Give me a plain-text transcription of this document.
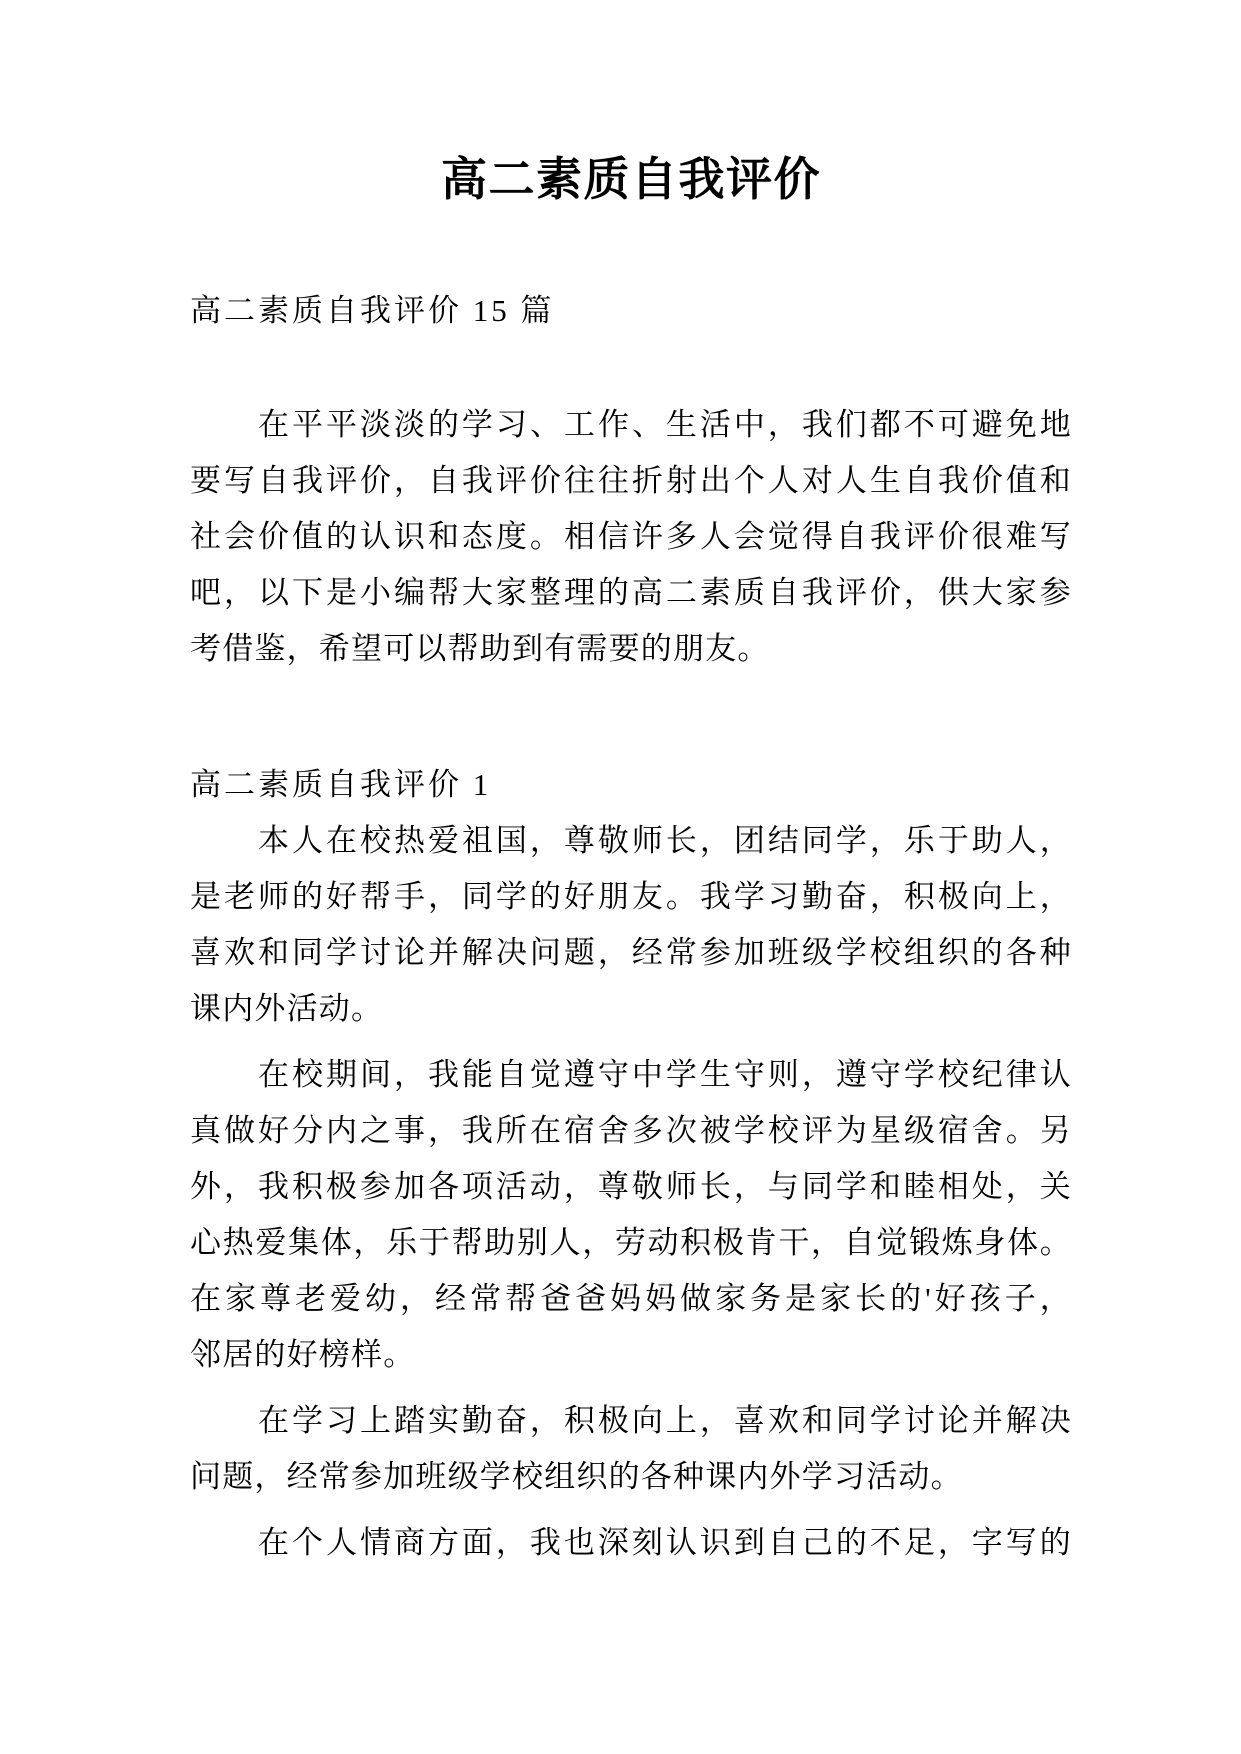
高二素质自我评价
高二素质自我评价 15 篇
　　在平平淡淡的学习、工作、生活中，我们都不可避免地
要写自我评价，自我评价往往折射出个人对人生自我价值和
社会价值的认识和态度。相信许多人会觉得自我评价很难写
吧，以下是小编帮大家整理的高二素质自我评价，供大家参
考借鉴，希望可以帮助到有需要的朋友。
高二素质自我评价 1
　　本人在校热爱祖国，尊敬师长，团结同学，乐于助人，
是老师的好帮手，同学的好朋友。我学习勤奋，积极向上，
喜欢和同学讨论并解决问题，经常参加班级学校组织的各种
课内外活动。
　　在校期间，我能自觉遵守中学生守则，遵守学校纪律认
真做好分内之事，我所在宿舍多次被学校评为星级宿舍。另
外，我积极参加各项活动，尊敬师长，与同学和睦相处，关
心热爱集体，乐于帮助别人，劳动积极肯干，自觉锻炼身体。
在家尊老爱幼，经常帮爸爸妈妈做家务是家长的'好孩子，
邻居的好榜样。
　　在学习上踏实勤奋，积极向上，喜欢和同学讨论并解决
问题，经常参加班级学校组织的各种课内外学习活动。
　　在个人情商方面，我也深刻认识到自己的不足，字写的
